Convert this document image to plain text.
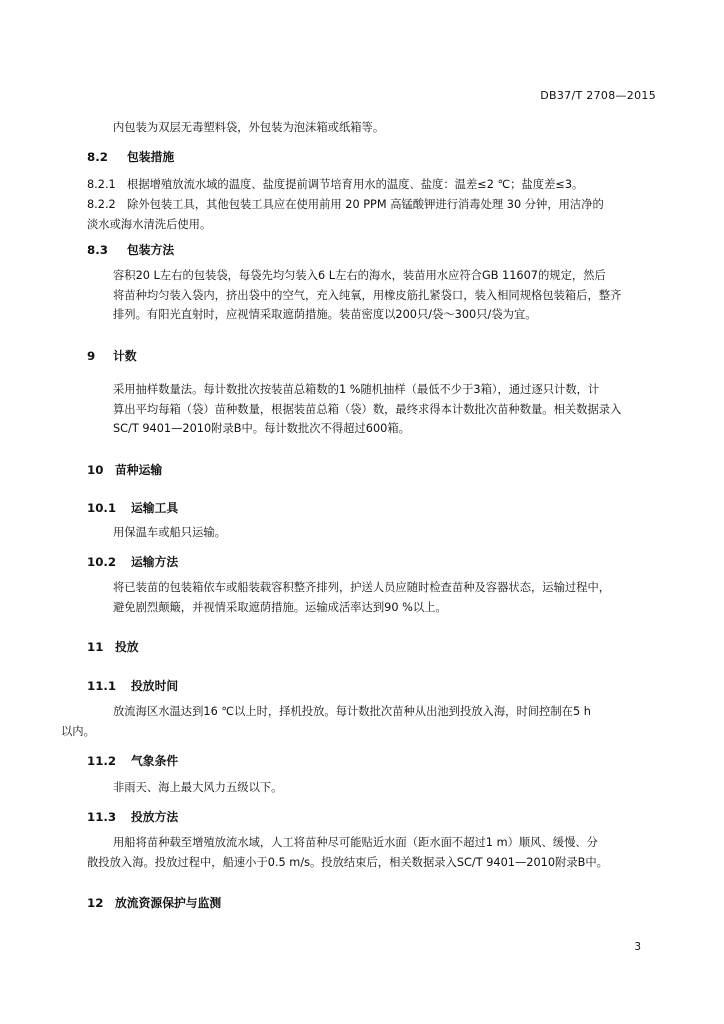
DB37/T 2708—2015
内包装为双层无毒塑料袋，外包装为泡沫箱或纸箱等。
8.2 包装措施
8.2.1　根据增殖放流水域的温度、盐度提前调节培育用水的温度、盐度：温差≤2 ℃；盐度差≤3。
8.2.2　除外包装工具，其他包装工具应在使用前用 20 PPM 高锰酸钾进行消毒处理 30 分钟，用洁净的
淡水或海水清洗后使用。
8.3 包装方法
容积20 L左右的包装袋，每袋先均匀装入6 L左右的海水，装苗用水应符合GB 11607的规定，然后
将苗种均匀装入袋内，挤出袋中的空气，充入纯氧，用橡皮筋扎紧袋口，装入相同规格包装箱后，整齐
排列。有阳光直射时，应视情采取遮荫措施。装苗密度以200只/袋～300只/袋为宜。
9 计数
采用抽样数量法。每计数批次按装苗总箱数的1 %随机抽样（最低不少于3箱），通过逐只计数，计
算出平均每箱（袋）苗种数量，根据装苗总箱（袋）数，最终求得本计数批次苗种数量。相关数据录入
SC/T 9401—2010附录B中。每计数批次不得超过600箱。
10 苗种运输
10.1 运输工具
用保温车或船只运输。
10.2 运输方法
将已装苗的包装箱依车或船装载容积整齐排列，护送人员应随时检查苗种及容器状态，运输过程中，
避免剧烈颠簸，并视情采取遮荫措施。运输成活率达到90 %以上。
11 投放
11.1 投放时间
放流海区水温达到16 ℃以上时，择机投放。每计数批次苗种从出池到投放入海，时间控制在5 h
以内。
11.2 气象条件
非雨天、海上最大风力五级以下。
11.3 投放方法
用船将苗种载至增殖放流水域，人工将苗种尽可能贴近水面（距水面不超过1 m）顺风、缓慢、分
散投放入海。投放过程中，船速小于0.5 m/s。投放结束后，相关数据录入SC/T 9401—2010附录B中。
12 放流资源保护与监测
3
